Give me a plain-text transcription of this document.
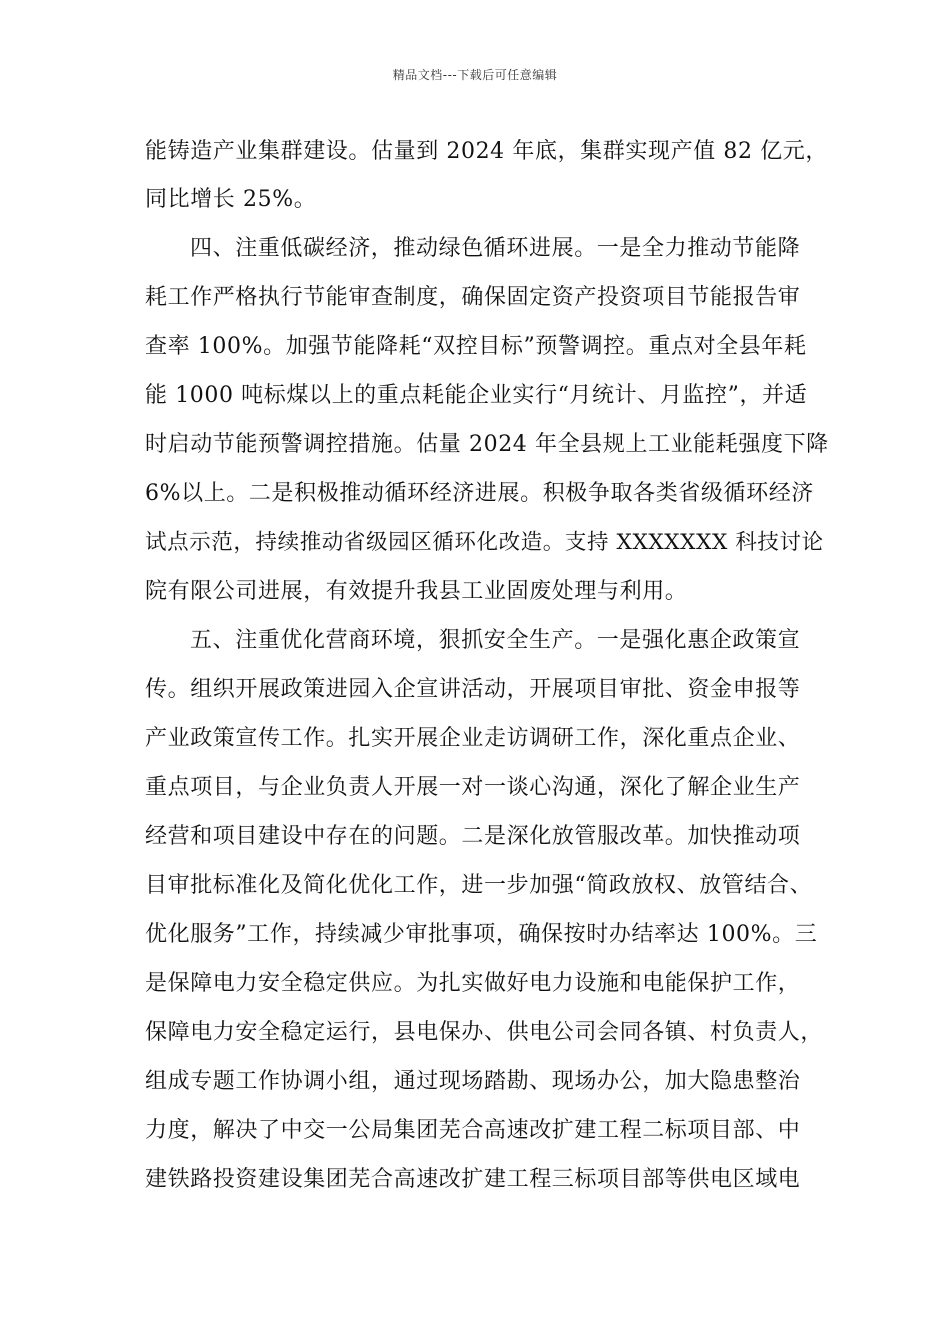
精品文档---下载后可任意编辑
能铸造产业集群建设。估量到 2024 年底，集群实现产值 82 亿元，
同比增长 25%。
四、注重低碳经济，推动绿色循环进展。一是全力推动节能降
耗工作严格执行节能审查制度，确保固定资产投资项目节能报告审
查率 100%。加强节能降耗“双控目标”预警调控。重点对全县年耗
能 1000 吨标煤以上的重点耗能企业实行“月统计、月监控”，并适
时启动节能预警调控措施。估量 2024 年全县规上工业能耗强度下降
6%以上。二是积极推动循环经济进展。积极争取各类省级循环经济
试点示范，持续推动省级园区循环化改造。支持 XXXXXXX 科技讨论
院有限公司进展，有效提升我县工业固废处理与利用。
五、注重优化营商环境，狠抓安全生产。一是强化惠企政策宣
传。组织开展政策进园入企宣讲活动，开展项目审批、资金申报等
产业政策宣传工作。扎实开展企业走访调研工作，深化重点企业、
重点项目，与企业负责人开展一对一谈心沟通，深化了解企业生产
经营和项目建设中存在的问题。二是深化放管服改革。加快推动项
目审批标准化及简化优化工作，进一步加强“简政放权、放管结合、
优化服务”工作，持续减少审批事项，确保按时办结率达 100%。三
是保障电力安全稳定供应。为扎实做好电力设施和电能保护工作，
保障电力安全稳定运行，县电保办、供电公司会同各镇、村负责人，
组成专题工作协调小组，通过现场踏勘、现场办公，加大隐患整治
力度，解决了中交一公局集团芜合高速改扩建工程二标项目部、中
建铁路投资建设集团芜合高速改扩建工程三标项目部等供电区域电
